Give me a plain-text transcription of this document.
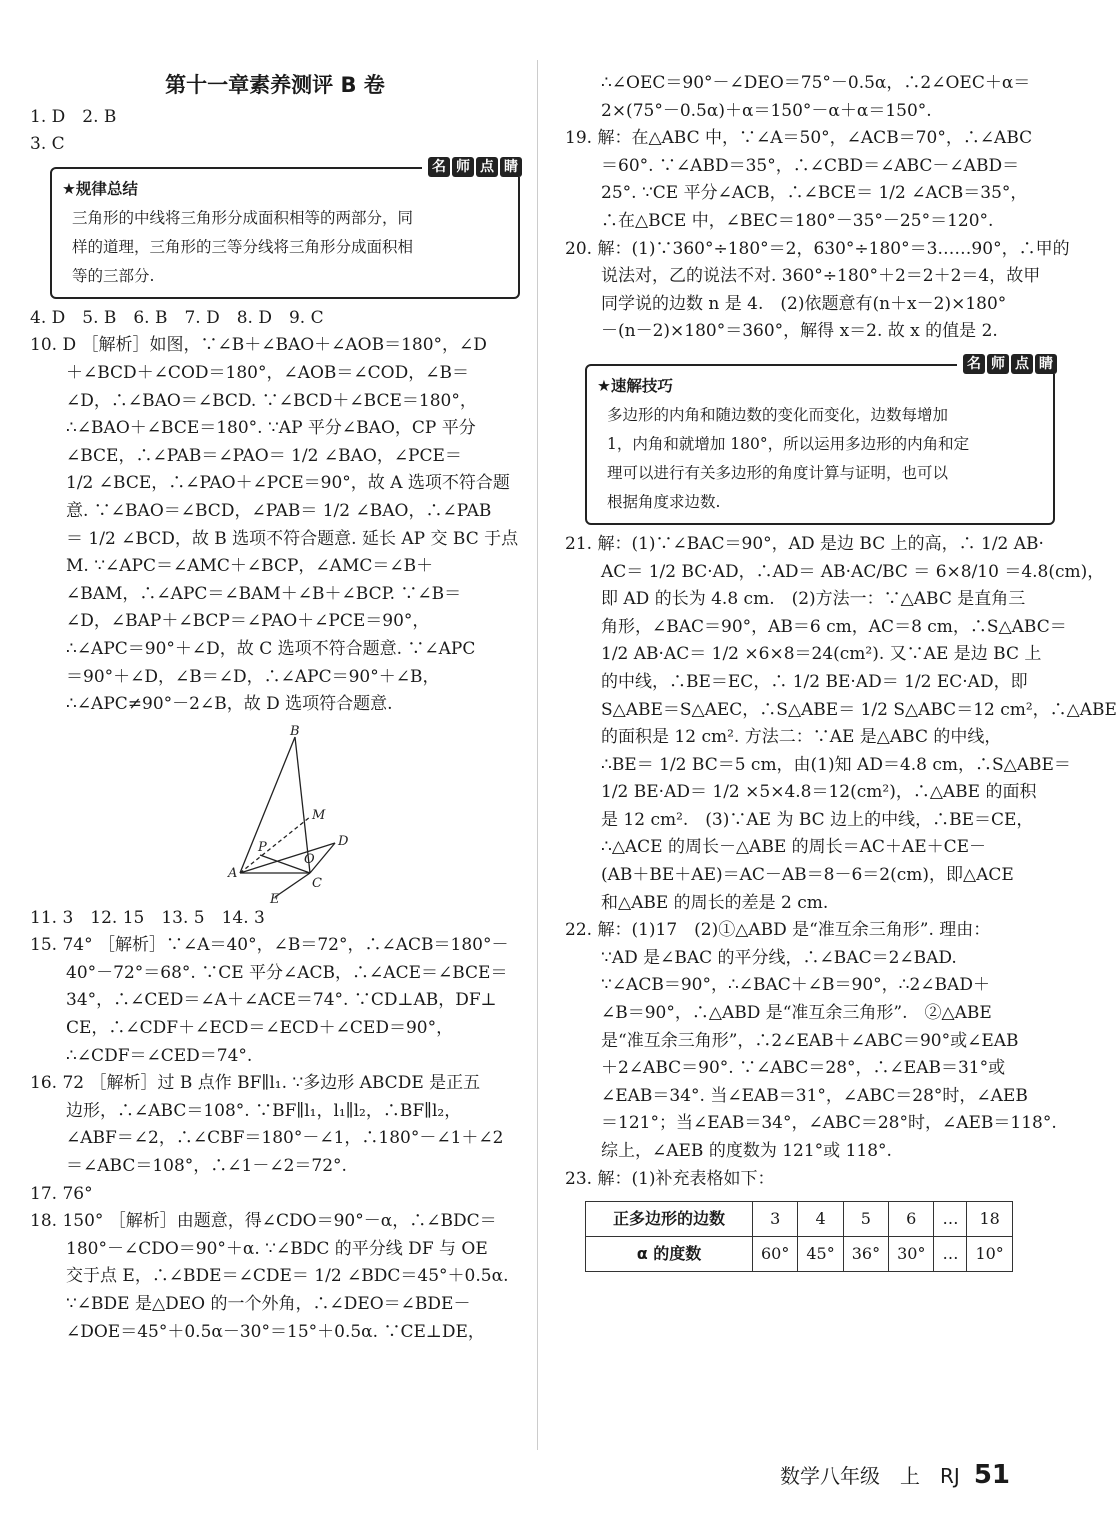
第十一章素养测评 B 卷
1. D　2. B
3. C
名 师 点 睛
★规律总结
三角形的中线将三角形分成面积相等的两部分，同
样的道理，三角形的三等分线将三角形分成面积相
等的三部分.
4. D　5. B　6. B　7. D　8. D　9. C
10. D ［解析］如图，∵∠B＋∠BAO＋∠AOB＝180°，∠D
＋∠BCD＋∠COD＝180°，∠AOB＝∠COD，∠B＝
∠D，∴∠BAO＝∠BCD. ∵∠BCD＋∠BCE＝180°，
∴∠BAO＋∠BCE＝180°. ∵AP 平分∠BAO，CP 平分
∠BCE，∴∠PAB＝∠PAO＝ 1/2 ∠BAO，∠PCE＝
1/2 ∠BCE，∴∠PAO＋∠PCE＝90°，故 A 选项不符合题
意. ∵∠BAO＝∠BCD，∠PAB＝ 1/2 ∠BAO，∴∠PAB
＝ 1/2 ∠BCD，故 B 选项不符合题意. 延长 AP 交 BC 于点
M. ∵∠APC＝∠AMC＋∠BCP，∠AMC＝∠B＋
∠BAM，∴∠APC＝∠BAM＋∠B＋∠BCP. ∵∠B＝
∠D，∠BAP＋∠BCP＝∠PAO＋∠PCE＝90°，
∴∠APC＝90°＋∠D，故 C 选项不符合题意. ∵∠APC
＝90°＋∠D，∠B＝∠D，∴∠APC＝90°＋∠B，
∴∠APC≠90°－2∠B，故 D 选项符合题意.
B
M
P
O
D
A
C
E
11. 3　12. 15　13. 5　14. 3
15. 74° ［解析］∵∠A＝40°，∠B＝72°，∴∠ACB＝180°－
40°－72°＝68°. ∵CE 平分∠ACB，∴∠ACE＝∠BCE＝
34°，∴∠CED＝∠A＋∠ACE＝74°. ∵CD⊥AB，DF⊥
CE，∴∠CDF＋∠ECD＝∠ECD＋∠CED＝90°，
∴∠CDF＝∠CED＝74°.
16. 72 ［解析］过 B 点作 BF∥l₁. ∵多边形 ABCDE 是正五
边形，∴∠ABC＝108°. ∵BF∥l₁，l₁∥l₂，∴BF∥l₂，
∠ABF＝∠2，∴∠CBF＝180°－∠1，∴180°－∠1＋∠2
＝∠ABC＝108°，∴∠1－∠2＝72°.
17. 76°
18. 150° ［解析］由题意，得∠CDO＝90°－α，∴∠BDC＝
180°－∠CDO＝90°＋α. ∵∠BDC 的平分线 DF 与 OE
交于点 E，∴∠BDE＝∠CDE＝ 1/2 ∠BDC＝45°＋0.5α.
∵∠BDE 是△DEO 的一个外角，∴∠DEO＝∠BDE－
∠DOE＝45°＋0.5α－30°＝15°＋0.5α. ∵CE⊥DE，
∴∠OEC＝90°－∠DEO＝75°－0.5α，∴2∠OEC＋α＝
2×(75°－0.5α)＋α＝150°－α＋α＝150°.
19. 解：在△ABC 中，∵∠A＝50°，∠ACB＝70°，∴∠ABC
＝60°. ∵∠ABD＝35°，∴∠CBD＝∠ABC－∠ABD＝
25°. ∵CE 平分∠ACB，∴∠BCE＝ 1/2 ∠ACB＝35°，
∴在△BCE 中，∠BEC＝180°－35°－25°＝120°.
20. 解：(1)∵360°÷180°＝2，630°÷180°＝3……90°，∴甲的
说法对，乙的说法不对. 360°÷180°＋2＝2＋2＝4，故甲
同学说的边数 n 是 4.　(2)依题意有(n＋x－2)×180°
－(n－2)×180°＝360°，解得 x＝2. 故 x 的值是 2.
名 师 点 睛
★速解技巧
多边形的内角和随边数的变化而变化，边数每增加
1，内角和就增加 180°，所以运用多边形的内角和定
理可以进行有关多边形的角度计算与证明，也可以
根据角度求边数.
21. 解：(1)∵∠BAC＝90°，AD 是边 BC 上的高，∴ 1/2 AB·
AC＝ 1/2 BC·AD，∴AD＝ AB·AC/BC ＝ 6×8/10 ＝4.8(cm)，
即 AD 的长为 4.8 cm.　(2)方法一：∵△ABC 是直角三
角形，∠BAC＝90°，AB＝6 cm，AC＝8 cm，∴S△ABC＝
1/2 AB·AC＝ 1/2 ×6×8＝24(cm²). 又∵AE 是边 BC 上
的中线，∴BE＝EC，∴ 1/2 BE·AD＝ 1/2 EC·AD，即
S△ABE＝S△AEC，∴S△ABE＝ 1/2 S△ABC＝12 cm²，∴△ABE
的面积是 12 cm². 方法二：∵AE 是△ABC 的中线，
∴BE＝ 1/2 BC＝5 cm，由(1)知 AD＝4.8 cm，∴S△ABE＝
1/2 BE·AD＝ 1/2 ×5×4.8＝12(cm²)，∴△ABE 的面积
是 12 cm².　(3)∵AE 为 BC 边上的中线，∴BE＝CE，
∴△ACE 的周长－△ABE 的周长＝AC＋AE＋CE－
(AB＋BE＋AE)＝AC－AB＝8－6＝2(cm)，即△ACE
和△ABE 的周长的差是 2 cm.
22. 解：(1)17　(2)①△ABD 是“准互余三角形”. 理由：
∵AD 是∠BAC 的平分线，∴∠BAC＝2∠BAD.
∵∠ACB＝90°，∴∠BAC＋∠B＝90°，∴2∠BAD＋
∠B＝90°，∴△ABD 是“准互余三角形”.　②△ABE
是“准互余三角形”，∴2∠EAB＋∠ABC＝90°或∠EAB
＋2∠ABC＝90°. ∵∠ABC＝28°，∴∠EAB＝31°或
∠EAB＝34°. 当∠EAB＝31°，∠ABC＝28°时，∠AEB
＝121°；当∠EAB＝34°，∠ABC＝28°时，∠AEB＝118°.
综上，∠AEB 的度数为 121°或 118°.
23. 解：(1)补充表格如下：
正多边形的边数	3	4	5	6	…	18
α 的度数	60°	45°	36°	30°	…	10°
数学八年级　上　RJ 51
